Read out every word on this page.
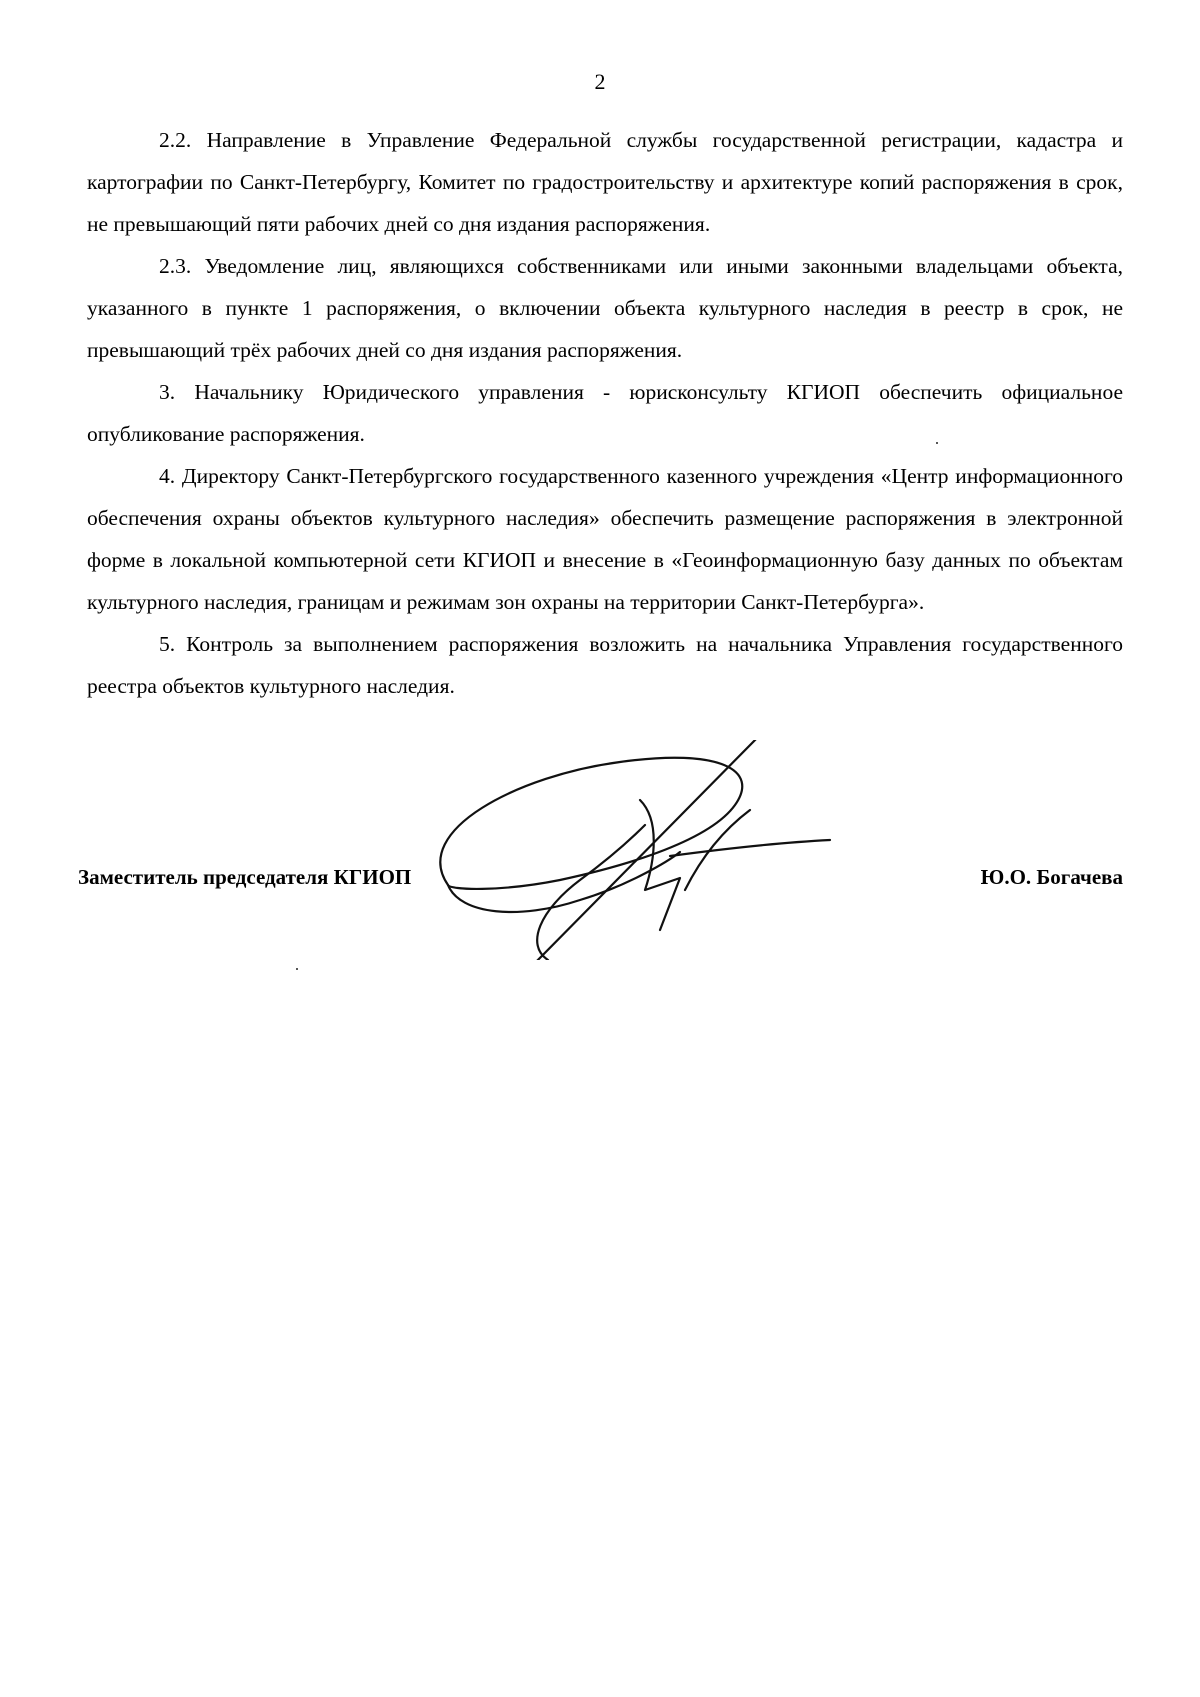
2

2.2. Направление в Управление Федеральной службы государственной регистрации, кадастра и картографии по Санкт-Петербургу, Комитет по градостроительству и архитектуре копий распоряжения в срок, не превышающий пяти рабочих дней со дня издания распоряжения.

2.3. Уведомление лиц, являющихся собственниками или иными законными владельцами объекта, указанного в пункте 1 распоряжения, о включении объекта культурного наследия в реестр в срок, не превышающий трёх рабочих дней со дня издания распоряжения.

3. Начальнику Юридического управления - юрисконсульту КГИОП обеспечить официальное опубликование распоряжения.

4. Директору Санкт-Петербургского государственного казенного учреждения «Центр информационного обеспечения охраны объектов культурного наследия» обеспечить размещение распоряжения в электронной форме в локальной компьютерной сети КГИОП и внесение в «Геоинформационную базу данных по объектам культурного наследия, границам и режимам зон охраны на территории Санкт-Петербурга».

5. Контроль за выполнением распоряжения возложить на начальника Управления государственного реестра объектов культурного наследия.

Заместитель председателя КГИОП	Ю.О. Богачева
